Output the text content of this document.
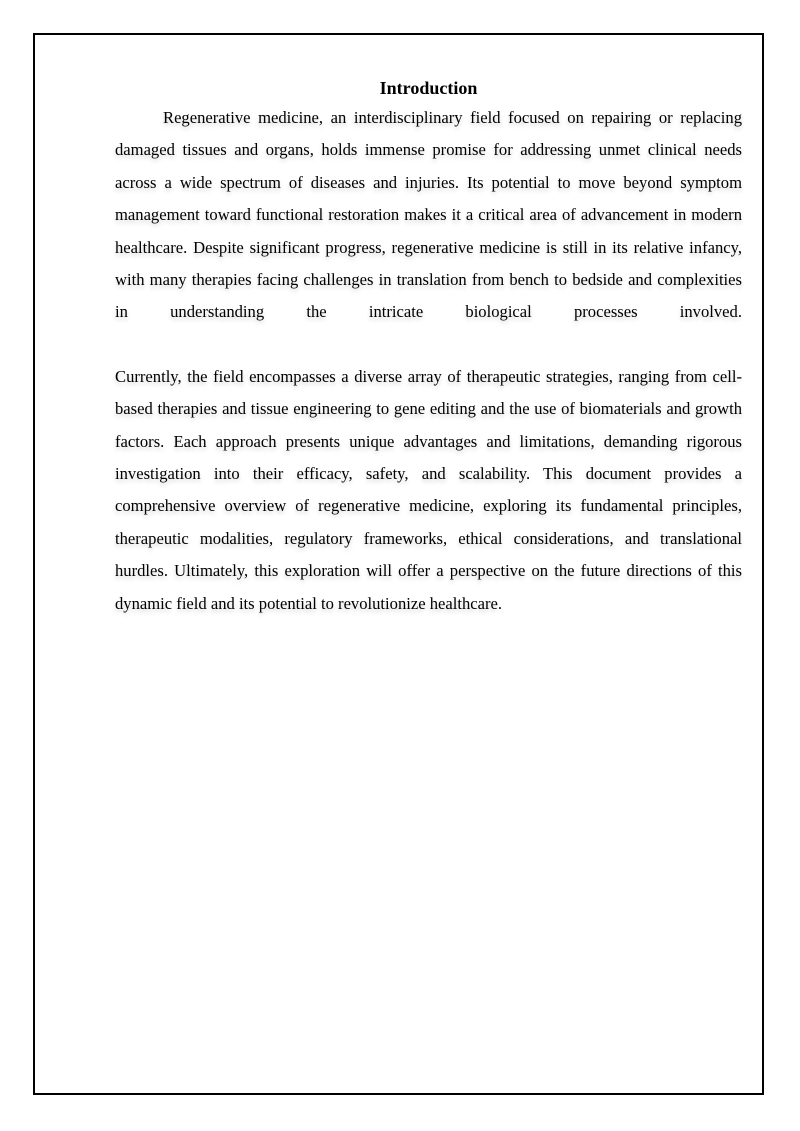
Introduction

Regenerative medicine, an interdisciplinary field focused on repairing or replacing damaged tissues and organs, holds immense promise for addressing unmet clinical needs across a wide spectrum of diseases and injuries. Its potential to move beyond symptom management toward functional restoration makes it a critical area of advancement in modern healthcare. Despite significant progress, regenerative medicine is still in its relative infancy, with many therapies facing challenges in translation from bench to bedside and complexities in understanding the intricate biological processes involved.

Currently, the field encompasses a diverse array of therapeutic strategies, ranging from cell-based therapies and tissue engineering to gene editing and the use of biomaterials and growth factors. Each approach presents unique advantages and limitations, demanding rigorous investigation into their efficacy, safety, and scalability. This document provides a comprehensive overview of regenerative medicine, exploring its fundamental principles, therapeutic modalities, regulatory frameworks, ethical considerations, and translational hurdles. Ultimately, this exploration will offer a perspective on the future directions of this dynamic field and its potential to revolutionize healthcare.
